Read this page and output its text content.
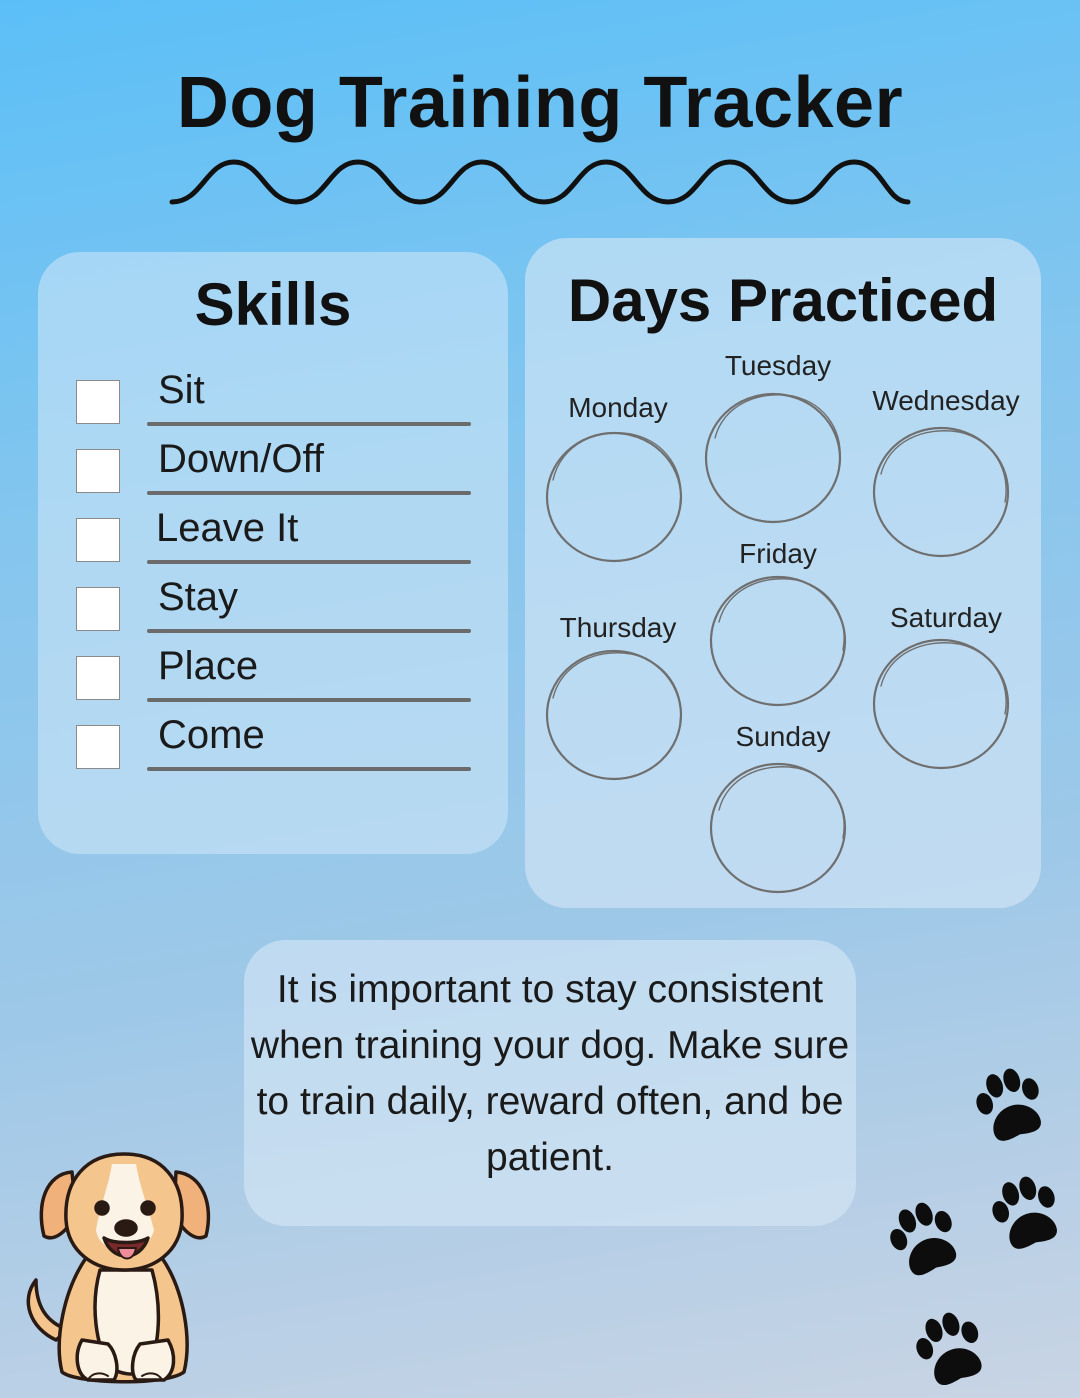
Dog Training Tracker
Skills
Sit
Down/Off
Leave It
Stay
Place
Come
Days Practiced
Monday
Tuesday
Wednesday
Thursday
Friday
Saturday
Sunday
It is important to stay consistent when training your dog. Make sure to train daily, reward often, and be patient.
